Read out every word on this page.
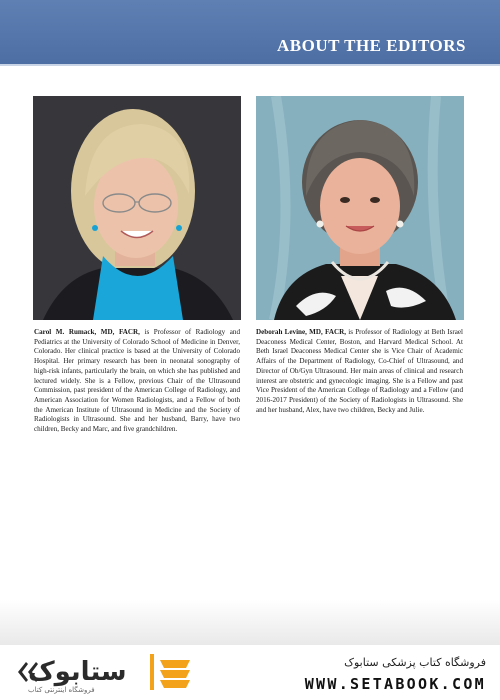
ABOUT THE EDITORS
Carol M. Rumack, MD, FACR, is Professor of Radiology and Pediatrics at the University of Colorado School of Medicine in Denver, Colorado. Her clinical practice is based at the University of Colorado Hospital. Her primary research has been in neonatal sonography of high-risk infants, particularly the brain, on which she has published and lectured widely. She is a Fellow, previous Chair of the Ultrasound Commission, past president of the American College of Radiology, and American Association for Women Radiologists, and a Fellow of both the American Institute of Ultrasound in Medicine and the Society of Radiologists in Ultrasound. She and her husband, Barry, have two children, Becky and Marc, and five grandchildren.
Deborah Levine, MD, FACR, is Professor of Radiology at Beth Israel Deaconess Medical Center, Boston, and Harvard Medical School. At Beth Israel Deaconess Medical Center she is Vice Chair of Academic Affairs of the Department of Radiology, Co-Chief of Ultrasound, and Director of Ob/Gyn Ultrasound. Her main areas of clinical and research interest are obstetric and gynecologic imaging. She is a Fellow and past Vice President of the American College of Radiology and a Fellow (and 2016-2017 President) of the Society of Radiologists in Ultrasound. She and her husband, Alex, have two children, Becky and Julie.
ستابوک
فروشگاه اینترنتی کتاب
فروشگاه کتاب پزشکی ستابوک
WWW.SETABOOK.COM
